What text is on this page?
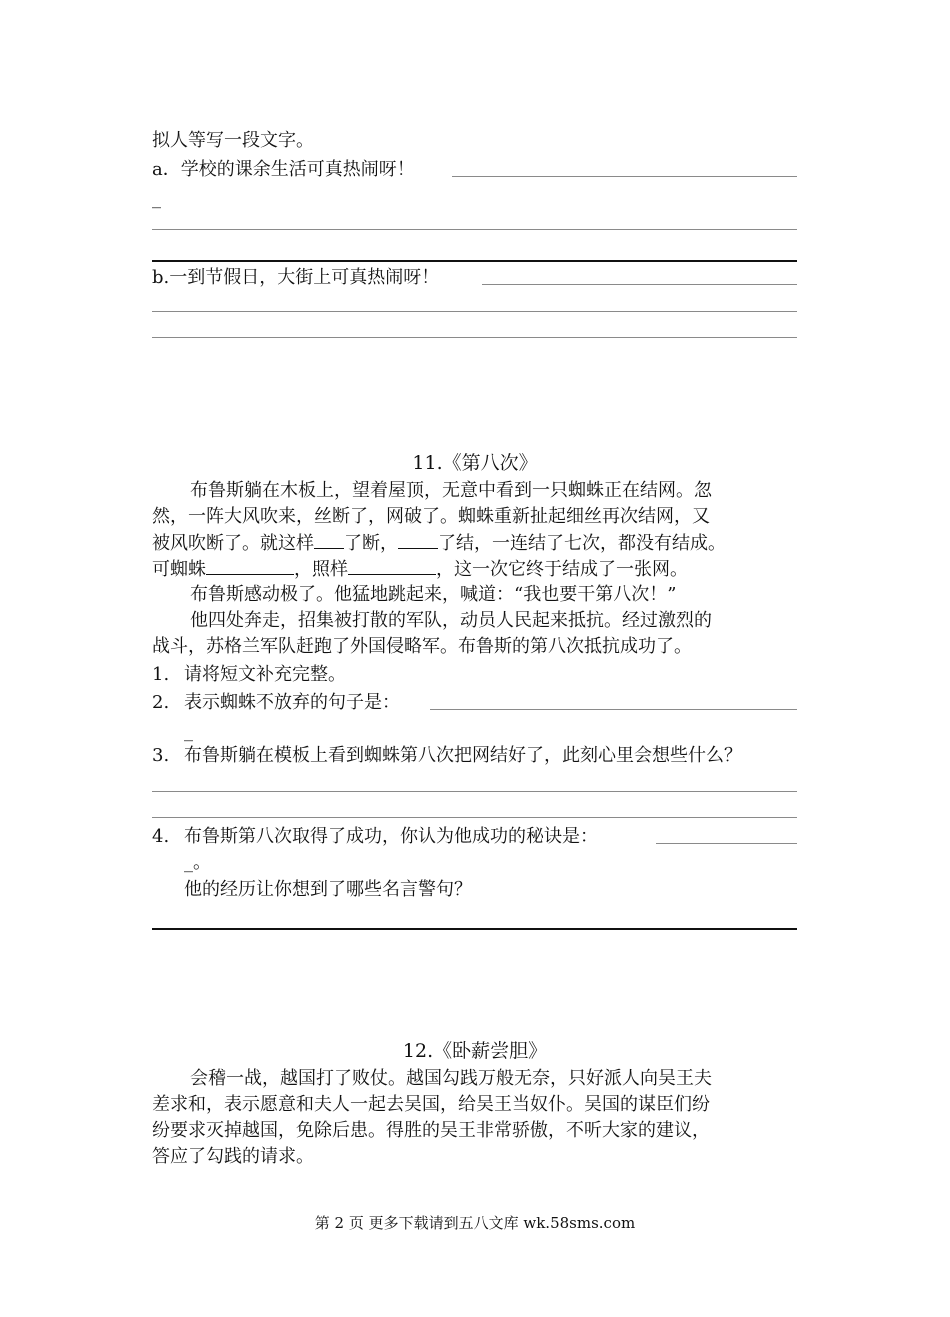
拟人等写一段文字。
a．学校的课余生活可真热闹呀！
_
b.一到节假日，大街上可真热闹呀！
11.《第八次》
布鲁斯躺在木板上，望着屋顶，无意中看到一只蜘蛛正在结网。忽
然，一阵大风吹来，丝断了，网破了。蜘蛛重新扯起细丝再次结网，又
被风吹断了。就这样 了断， 了结，一连结了七次，都没有结成。
可蜘蛛	，照样	，这一次它终于结成了一张网。
布鲁斯感动极了。他猛地跳起来，喊道：“我也要干第八次！”
他四处奔走，招集被打散的军队，动员人民起来抵抗。经过激烈的
战斗，苏格兰军队赶跑了外国侵略军。布鲁斯的第八次抵抗成功了。
1. 请将短文补充完整。
2. 表示蜘蛛不放弃的句子是：
_
3. 布鲁斯躺在模板上看到蜘蛛第八次把网结好了，此刻心里会想些什么？
4. 布鲁斯第八次取得了成功，你认为他成功的秘诀是：
_。
他的经历让你想到了哪些名言警句？
12.《卧薪尝胆》
会稽一战，越国打了败仗。越国勾践万般无奈，只好派人向吴王夫
差求和，表示愿意和夫人一起去吴国，给吴王当奴仆。吴国的谋臣们纷
纷要求灭掉越国，免除后患。得胜的吴王非常骄傲，不听大家的建议，
答应了勾践的请求。
第 2 页 更多下载请到五八文库 wk.58sms.com
